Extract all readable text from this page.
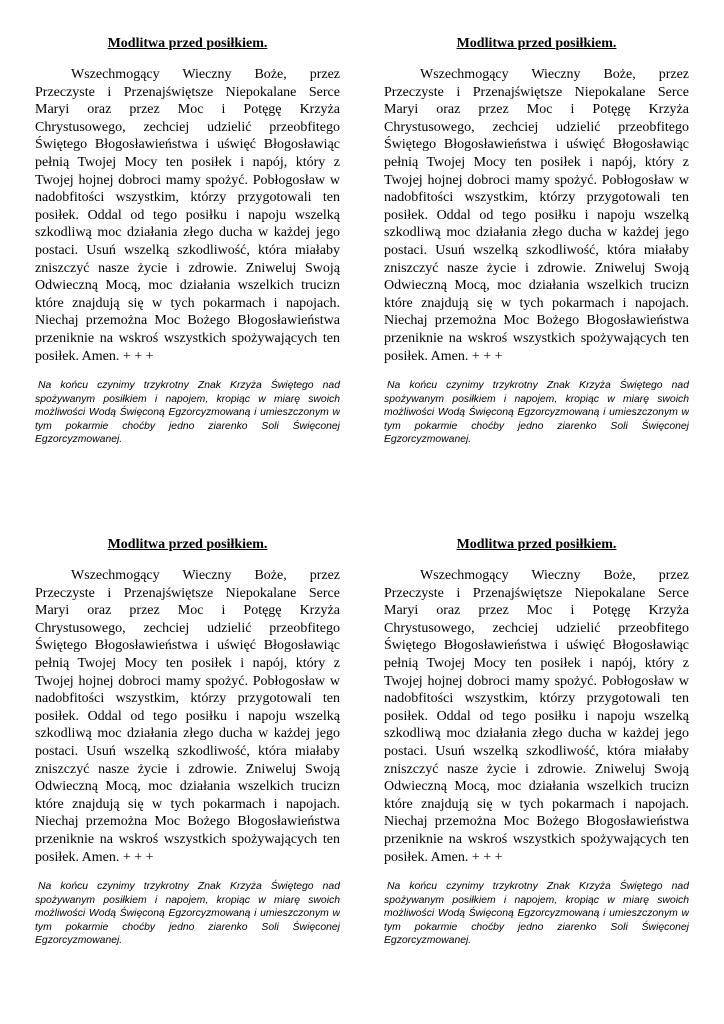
Modlitwa przed posiłkiem.

Wszechmogący Wieczny Boże, przez Przeczyste i Przenajświętsze Niepokalane Serce Maryi oraz przez Moc i Potęgę Krzyża Chrystusowego, zechciej udzielić przeobfitego Świętego Błogosławieństwa i uświęć Błogosławiąc pełnią Twojej Mocy ten posiłek i napój, który z Twojej hojnej dobroci mamy spożyć. Pobłogosław w nadobfitości wszystkim, którzy przygotowali ten posiłek. Oddal od tego posiłku i napoju wszelką szkodliwą moc działania złego ducha w każdej jego postaci. Usuń wszelką szkodliwość, która miałaby zniszczyć nasze życie i zdrowie. Zniweluj Swoją Odwieczną Mocą, moc działania wszelkich trucizn które znajdują się w tych pokarmach i napojach. Niechaj przemożna Moc Bożego Błogosławieństwa przeniknie na wskroś wszystkich spożywających ten posiłek. Amen. + + +

Na końcu czynimy trzykrotny Znak Krzyża Świętego nad spożywanym posiłkiem i napojem, kropiąc w miarę swoich możliwości Wodą Święconą Egzorcyzmowaną i umieszczonym w tym pokarmie choćby jedno ziarenko Soli Święconej Egzorcyzmowanej.

Modlitwa przed posiłkiem.

Wszechmogący Wieczny Boże, przez Przeczyste i Przenajświętsze Niepokalane Serce Maryi oraz przez Moc i Potęgę Krzyża Chrystusowego, zechciej udzielić przeobfitego Świętego Błogosławieństwa i uświęć Błogosławiąc pełnią Twojej Mocy ten posiłek i napój, który z Twojej hojnej dobroci mamy spożyć. Pobłogosław w nadobfitości wszystkim, którzy przygotowali ten posiłek. Oddal od tego posiłku i napoju wszelką szkodliwą moc działania złego ducha w każdej jego postaci. Usuń wszelką szkodliwość, która miałaby zniszczyć nasze życie i zdrowie. Zniweluj Swoją Odwieczną Mocą, moc działania wszelkich trucizn które znajdują się w tych pokarmach i napojach. Niechaj przemożna Moc Bożego Błogosławieństwa przeniknie na wskroś wszystkich spożywających ten posiłek. Amen. + + +

Na końcu czynimy trzykrotny Znak Krzyża Świętego nad spożywanym posiłkiem i napojem, kropiąc w miarę swoich możliwości Wodą Święconą Egzorcyzmowaną i umieszczonym w tym pokarmie choćby jedno ziarenko Soli Święconej Egzorcyzmowanej.

Modlitwa przed posiłkiem.

Wszechmogący Wieczny Boże, przez Przeczyste i Przenajświętsze Niepokalane Serce Maryi oraz przez Moc i Potęgę Krzyża Chrystusowego, zechciej udzielić przeobfitego Świętego Błogosławieństwa i uświęć Błogosławiąc pełnią Twojej Mocy ten posiłek i napój, który z Twojej hojnej dobroci mamy spożyć. Pobłogosław w nadobfitości wszystkim, którzy przygotowali ten posiłek. Oddal od tego posiłku i napoju wszelką szkodliwą moc działania złego ducha w każdej jego postaci. Usuń wszelką szkodliwość, która miałaby zniszczyć nasze życie i zdrowie. Zniweluj Swoją Odwieczną Mocą, moc działania wszelkich trucizn które znajdują się w tych pokarmach i napojach. Niechaj przemożna Moc Bożego Błogosławieństwa przeniknie na wskroś wszystkich spożywających ten posiłek. Amen. + + +

Na końcu czynimy trzykrotny Znak Krzyża Świętego nad spożywanym posiłkiem i napojem, kropiąc w miarę swoich możliwości Wodą Święconą Egzorcyzmowaną i umieszczonym w tym pokarmie choćby jedno ziarenko Soli Święconej Egzorcyzmowanej.

Modlitwa przed posiłkiem.

Wszechmogący Wieczny Boże, przez Przeczyste i Przenajświętsze Niepokalane Serce Maryi oraz przez Moc i Potęgę Krzyża Chrystusowego, zechciej udzielić przeobfitego Świętego Błogosławieństwa i uświęć Błogosławiąc pełnią Twojej Mocy ten posiłek i napój, który z Twojej hojnej dobroci mamy spożyć. Pobłogosław w nadobfitości wszystkim, którzy przygotowali ten posiłek. Oddal od tego posiłku i napoju wszelką szkodliwą moc działania złego ducha w każdej jego postaci. Usuń wszelką szkodliwość, która miałaby zniszczyć nasze życie i zdrowie. Zniweluj Swoją Odwieczną Mocą, moc działania wszelkich trucizn które znajdują się w tych pokarmach i napojach. Niechaj przemożna Moc Bożego Błogosławieństwa przeniknie na wskroś wszystkich spożywających ten posiłek. Amen. + + +

Na końcu czynimy trzykrotny Znak Krzyża Świętego nad spożywanym posiłkiem i napojem, kropiąc w miarę swoich możliwości Wodą Święconą Egzorcyzmowaną i umieszczonym w tym pokarmie choćby jedno ziarenko Soli Święconej Egzorcyzmowanej.
